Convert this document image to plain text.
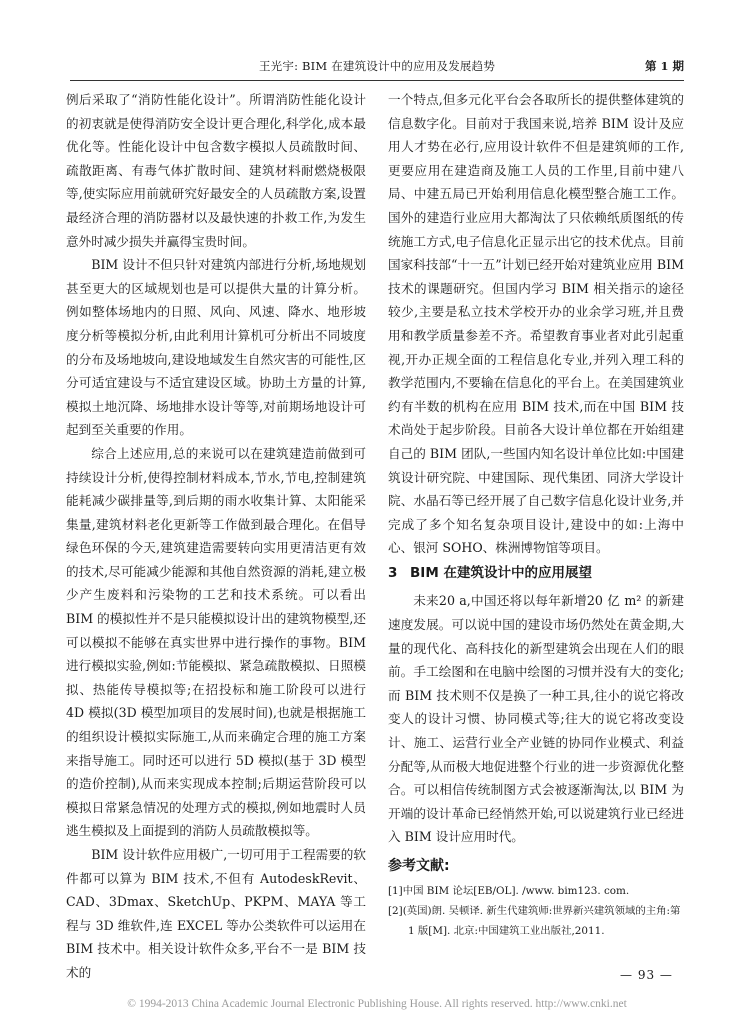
王光宇: BIM 在建筑设计中的应用及发展趋势	第 1 期

例后采取了“消防性能化设计”。所谓消防性能化设计的初衷就是使得消防安全设计更合理化,科学化,成本最优化等。性能化设计中包含数字模拟人员疏散时间、疏散距离、有毒气体扩散时间、建筑材料耐燃烧极限等,使实际应用前就研究好最安全的人员疏散方案,设置最经济合理的消防器材以及最快速的扑救工作,为发生意外时减少损失并赢得宝贵时间。

BIM 设计不但只针对建筑内部进行分析,场地规划甚至更大的区域规划也是可以提供大量的计算分析。例如整体场地内的日照、风向、风速、降水、地形坡度分析等模拟分析,由此利用计算机可分析出不同坡度的分布及场地坡向,建设地域发生自然灾害的可能性,区分可适宜建设与不适宜建设区域。协助土方量的计算,模拟土地沉降、场地排水设计等等,对前期场地设计可起到至关重要的作用。

综合上述应用,总的来说可以在建筑建造前做到可持续设计分析,使得控制材料成本,节水,节电,控制建筑能耗减少碳排量等,到后期的雨水收集计算、太阳能采集量,建筑材料老化更新等工作做到最合理化。在倡导绿色环保的今天,建筑建造需要转向实用更清洁更有效的技术,尽可能减少能源和其他自然资源的消耗,建立极少产生废料和污染物的工艺和技术系统。可以看出 BIM 的模拟性并不是只能模拟设计出的建筑物模型,还可以模拟不能够在真实世界中进行操作的事物。BIM 进行模拟实验,例如:节能模拟、紧急疏散模拟、日照模拟、热能传导模拟等;在招投标和施工阶段可以进行 4D 模拟(3D 模型加项目的发展时间),也就是根据施工的组织设计模拟实际施工,从而来确定合理的施工方案来指导施工。同时还可以进行 5D 模拟(基于 3D 模型的造价控制),从而来实现成本控制;后期运营阶段可以模拟日常紧急情况的处理方式的模拟,例如地震时人员逃生模拟及上面提到的消防人员疏散模拟等。

BIM 设计软件应用极广,一切可用于工程需要的软件都可以算为 BIM 技术,不但有 AutodeskRevit、CAD、3Dmax、SketchUp、PKPM、MAYA 等工程与 3D 维软件,连 EXCEL 等办公类软件可以运用在 BIM 技术中。相关设计软件众多,平台不一是 BIM 技术的

一个特点,但多元化平台会各取所长的提供整体建筑的信息数字化。目前对于我国来说,培养 BIM 设计及应用人才势在必行,应用设计软件不但是建筑师的工作,更要应用在建造商及施工人员的工作里,目前中建八局、中建五局已开始利用信息化模型整合施工工作。国外的建造行业应用大都淘汰了只依赖纸质图纸的传统施工方式,电子信息化正显示出它的技术优点。目前国家科技部“十一五”计划已经开始对建筑业应用 BIM 技术的课题研究。但国内学习 BIM 相关指示的途径较少,主要是私立技术学校开办的业余学习班,并且费用和教学质量参差不齐。希望教育事业者对此引起重视,开办正规全面的工程信息化专业,并列入理工科的教学范围内,不要输在信息化的平台上。在美国建筑业约有半数的机构在应用 BIM 技术,而在中国 BIM 技术尚处于起步阶段。目前各大设计单位都在开始组建自己的 BIM 团队,一些国内知名设计单位比如:中国建筑设计研究院、中建国际、现代集团、同济大学设计院、水晶石等已经开展了自己数字信息化设计业务,并完成了多个知名复杂项目设计,建设中的如:上海中心、银河 SOHO、株洲博物馆等项目。

3 BIM 在建筑设计中的应用展望

未来20 a,中国还将以每年新增20 亿 m² 的新建速度发展。可以说中国的建设市场仍然处在黄金期,大量的现代化、高科技化的新型建筑会出现在人们的眼前。手工绘图和在电脑中绘图的习惯并没有大的变化;而 BIM 技术则不仅是换了一种工具,往小的说它将改变人的设计习惯、协同模式等;往大的说它将改变设计、施工、运营行业全产业链的协同作业模式、利益分配等,从而极大地促进整个行业的进一步资源优化整合。可以相信传统制图方式会被逐渐淘汰,以 BIM 为开端的设计革命已经悄然开始,可以说建筑行业已经进入 BIM 设计应用时代。

参考文献:
[1]中国 BIM 论坛[EB/OL]. /www. bim123. com.
[2](英国)朗. 吴顿译. 新生代建筑师:世界新兴建筑领域的主角:第 1 版[M]. 北京:中国建筑工业出版社,2011.
— 93 —
© 1994-2013 China Academic Journal Electronic Publishing House. All rights reserved. http://www.cnki.net
